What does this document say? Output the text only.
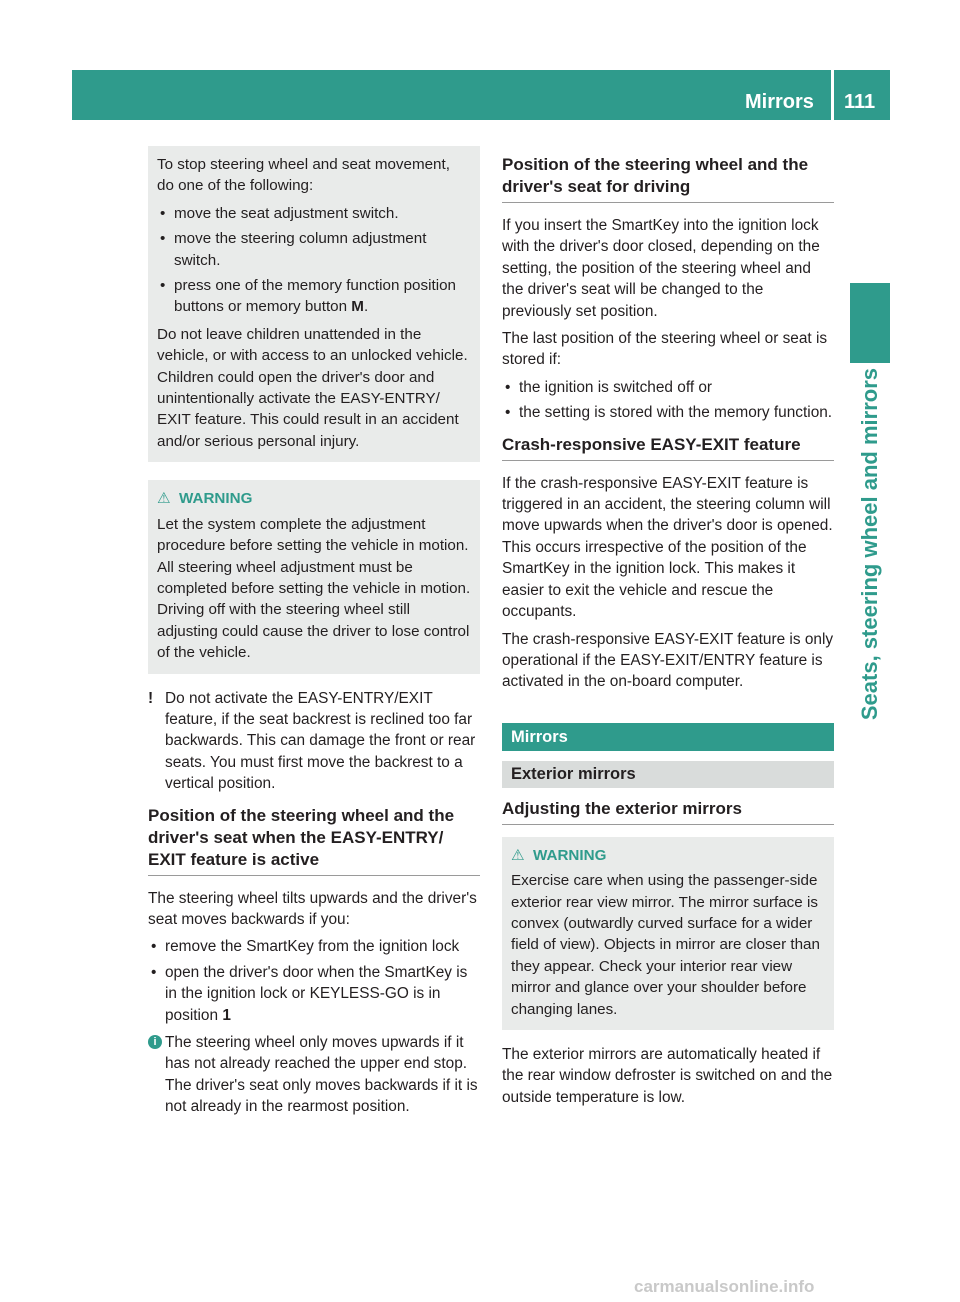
Mirrors 111
Seats, steering wheel and mirrors

To stop steering wheel and seat movement, do one of the following:

• move the seat adjustment switch.
• move the steering column adjustment switch.
• press one of the memory function position buttons or memory button M.

Do not leave children unattended in the vehicle, or with access to an unlocked vehicle. Children could open the driver's door and unintentionally activate the EASY-ENTRY/ EXIT feature. This could result in an accident and/or serious personal injury.

⚠ WARNING

Let the system complete the adjustment procedure before setting the vehicle in motion. All steering wheel adjustment must be completed before setting the vehicle in motion. Driving off with the steering wheel still adjusting could cause the driver to lose control of the vehicle.

! Do not activate the EASY-ENTRY/EXIT feature, if the seat backrest is reclined too far backwards. This can damage the front or rear seats. You must first move the backrest to a vertical position.
Position of the steering wheel and the driver's seat when the EASY-ENTRY/ EXIT feature is active

The steering wheel tilts upwards and the driver's seat moves backwards if you:

• remove the SmartKey from the ignition lock
• open the driver's door when the SmartKey is in the ignition lock or KEYLESS-GO is in position 1
i The steering wheel only moves upwards if it has not already reached the upper end stop. The driver's seat only moves backwards if it is not already in the rearmost position.
Position of the steering wheel and the driver's seat for driving

If you insert the SmartKey into the ignition lock with the driver's door closed, depending on the setting, the position of the steering wheel and the driver's seat will be changed to the previously set position.

The last position of the steering wheel or seat is stored if:

• the ignition is switched off or
• the setting is stored with the memory function.
Crash-responsive EASY-EXIT feature

If the crash-responsive EASY-EXIT feature is triggered in an accident, the steering column will move upwards when the driver's door is opened. This occurs irrespective of the position of the SmartKey in the ignition lock. This makes it easier to exit the vehicle and rescue the occupants.

The crash-responsive EASY-EXIT feature is only operational if the EASY-EXIT/ENTRY feature is activated in the on-board computer.

Mirrors
Exterior mirrors
Adjusting the exterior mirrors

⚠ WARNING

Exercise care when using the passenger-side exterior rear view mirror. The mirror surface is convex (outwardly curved surface for a wider field of view). Objects in mirror are closer than they appear. Check your interior rear view mirror and glance over your shoulder before changing lanes.

The exterior mirrors are automatically heated if the rear window defroster is switched on and the outside temperature is low.

carmanualsonline.info
